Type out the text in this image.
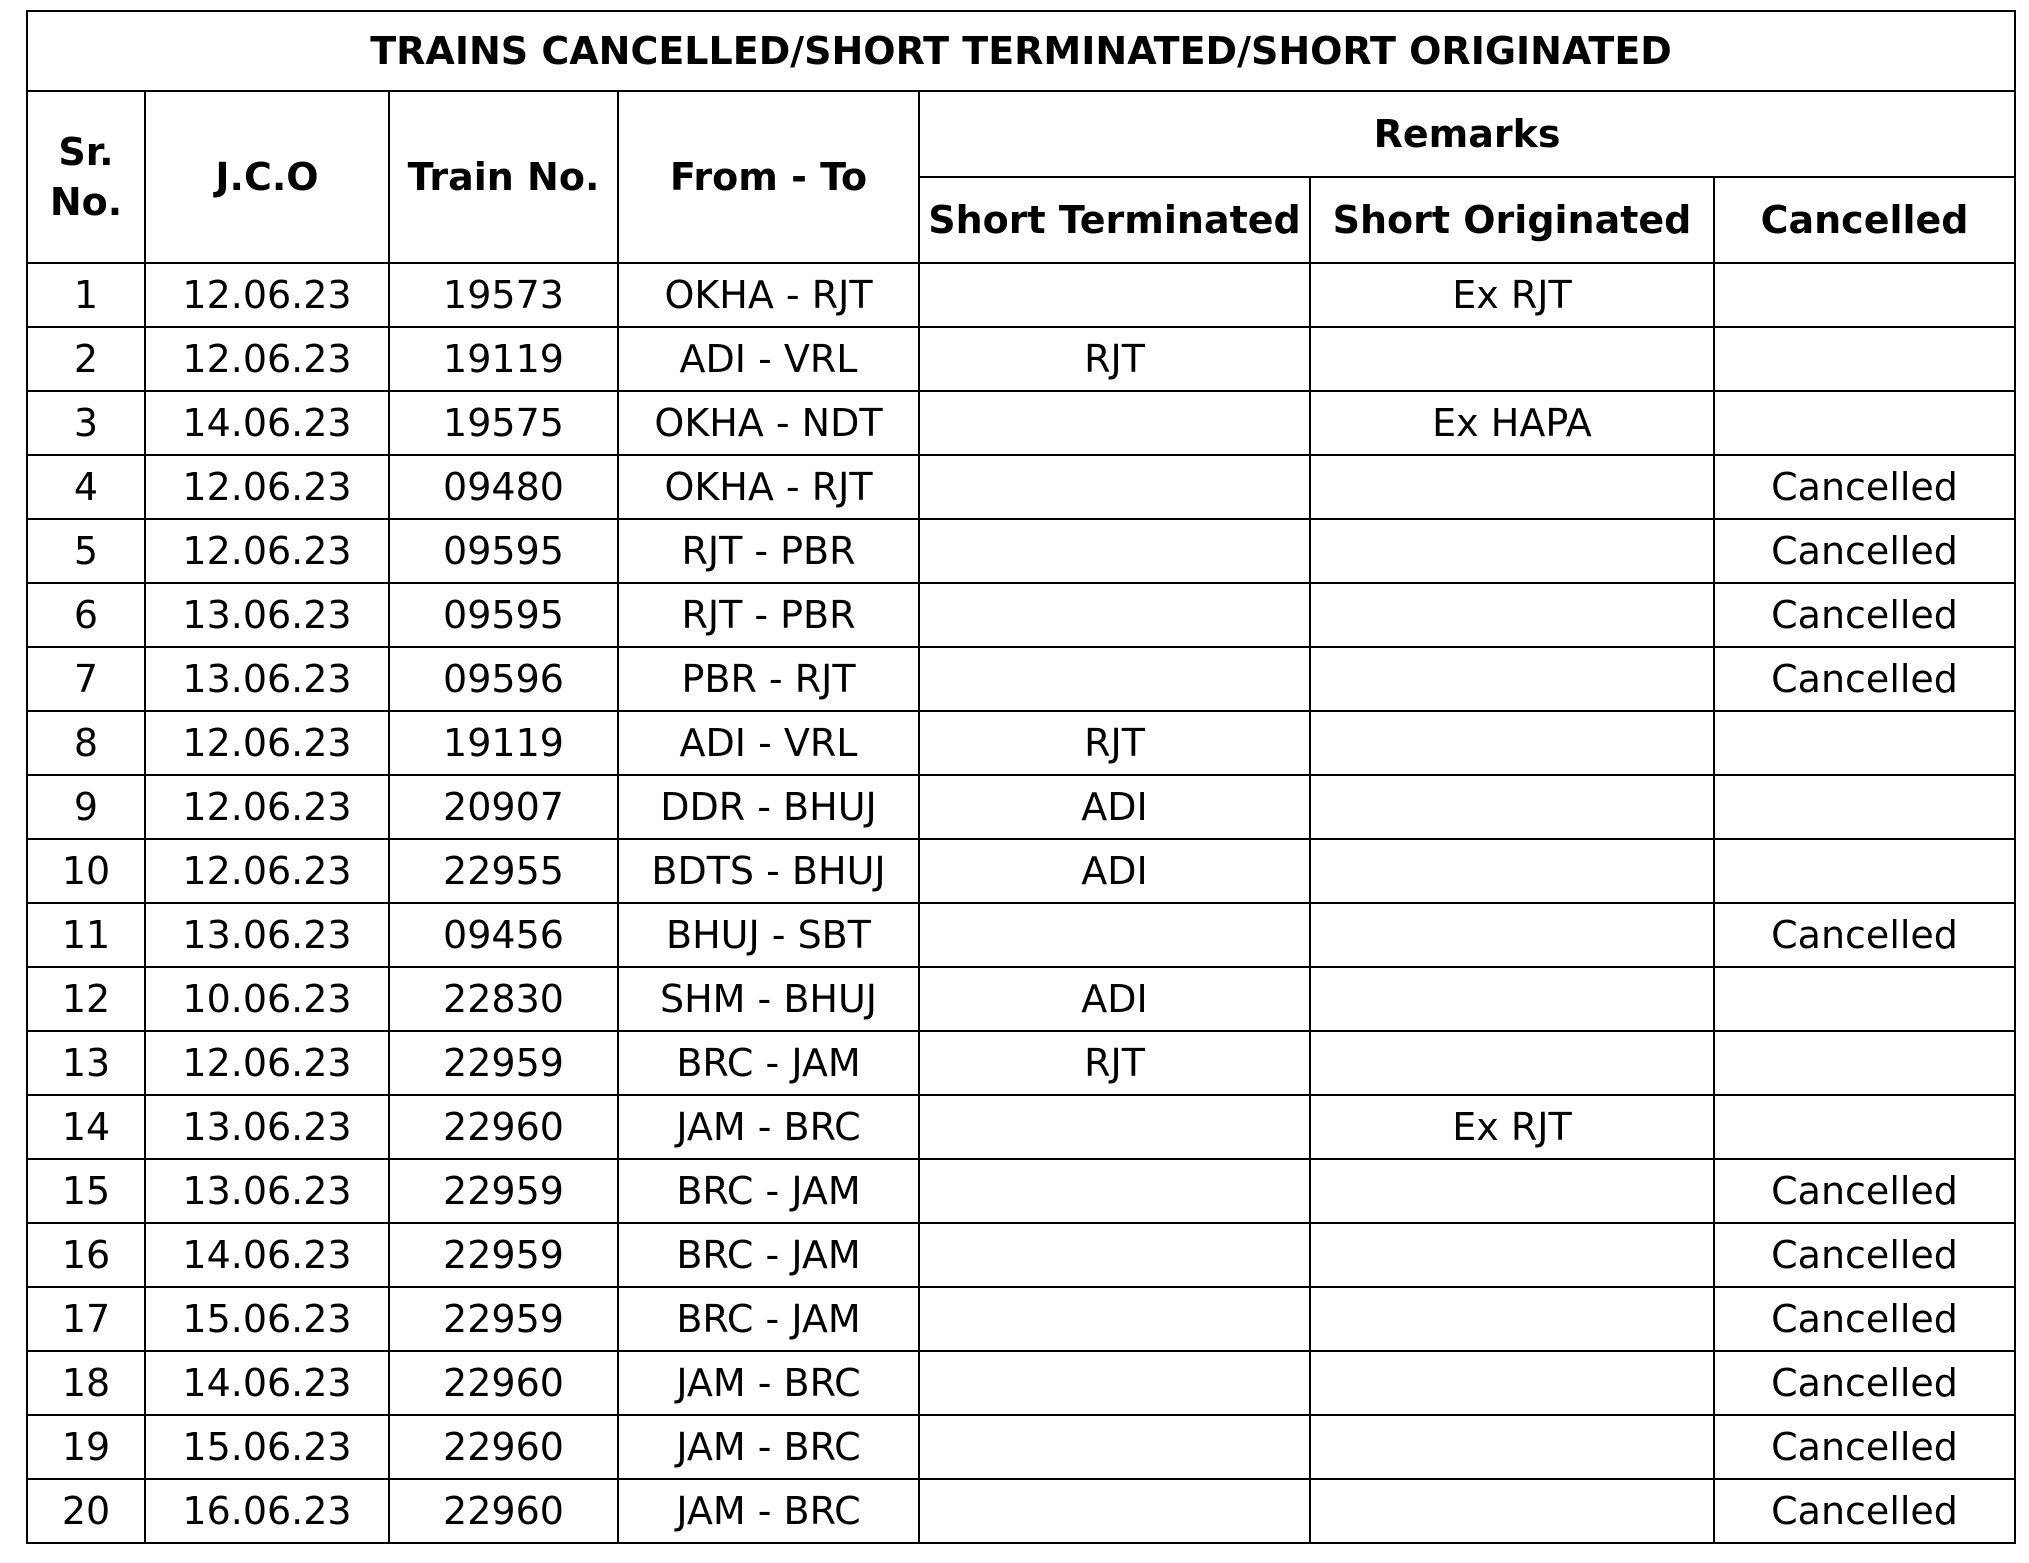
TRAINS CANCELLED/SHORT TERMINATED/SHORT ORIGINATED						
Sr. No.	J.C.O	Train No.	From - To	Remarks		
				Short Terminated	Short Originated	Cancelled
1	12.06.23	19573	OKHA - RJT		Ex RJT	
2	12.06.23	19119	ADI - VRL	RJT		
3	14.06.23	19575	OKHA - NDT		Ex HAPA	
4	12.06.23	09480	OKHA - RJT			Cancelled
5	12.06.23	09595	RJT - PBR			Cancelled
6	13.06.23	09595	RJT - PBR			Cancelled
7	13.06.23	09596	PBR - RJT			Cancelled
8	12.06.23	19119	ADI - VRL	RJT		
9	12.06.23	20907	DDR - BHUJ	ADI		
10	12.06.23	22955	BDTS - BHUJ	ADI		
11	13.06.23	09456	BHUJ - SBT			Cancelled
12	10.06.23	22830	SHM - BHUJ	ADI		
13	12.06.23	22959	BRC - JAM	RJT		
14	13.06.23	22960	JAM - BRC		Ex RJT	
15	13.06.23	22959	BRC - JAM			Cancelled
16	14.06.23	22959	BRC - JAM			Cancelled
17	15.06.23	22959	BRC - JAM			Cancelled
18	14.06.23	22960	JAM - BRC			Cancelled
19	15.06.23	22960	JAM - BRC			Cancelled
20	16.06.23	22960	JAM - BRC			Cancelled
